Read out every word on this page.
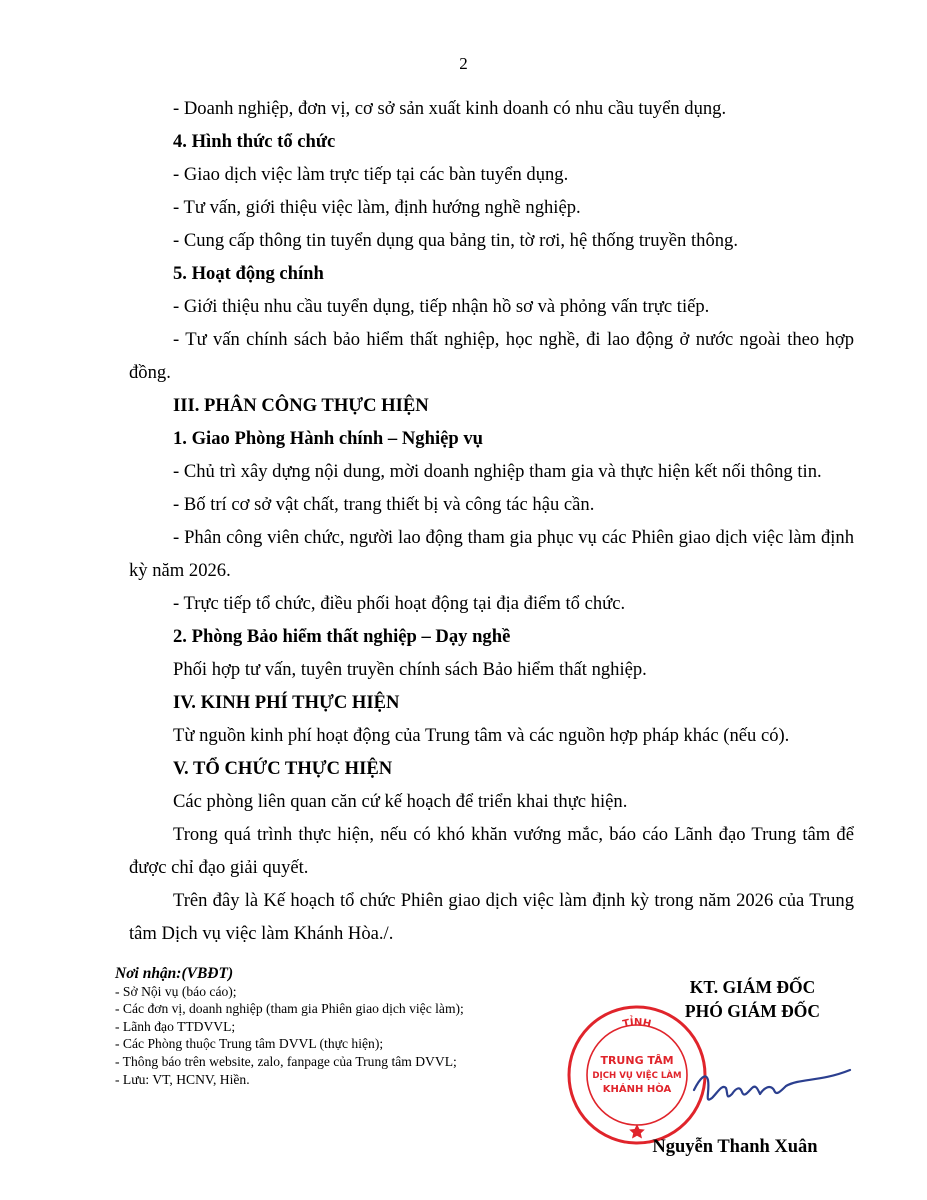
2

- Doanh nghiệp, đơn vị, cơ sở sản xuất kinh doanh có nhu cầu tuyển dụng.

4. Hình thức tổ chức

- Giao dịch việc làm trực tiếp tại các bàn tuyển dụng.

- Tư vấn, giới thiệu việc làm, định hướng nghề nghiệp.

- Cung cấp thông tin tuyển dụng qua bảng tin, tờ rơi, hệ thống truyền thông.

5. Hoạt động chính

- Giới thiệu nhu cầu tuyển dụng, tiếp nhận hồ sơ và phỏng vấn trực tiếp.

- Tư vấn chính sách bảo hiểm thất nghiệp, học nghề, đi lao động ở nước ngoài theo hợp đồng.

III. PHÂN CÔNG THỰC HIỆN

1. Giao Phòng Hành chính – Nghiệp vụ

- Chủ trì xây dựng nội dung, mời doanh nghiệp tham gia và thực hiện kết nối thông tin.

- Bố trí cơ sở vật chất, trang thiết bị và công tác hậu cần.

- Phân công viên chức, người lao động tham gia phục vụ các Phiên giao dịch việc làm định kỳ năm 2026.

- Trực tiếp tổ chức, điều phối hoạt động tại địa điểm tổ chức.

2. Phòng Bảo hiểm thất nghiệp – Dạy nghề

Phối hợp tư vấn, tuyên truyền chính sách Bảo hiểm thất nghiệp.

IV. KINH PHÍ THỰC HIỆN

Từ nguồn kinh phí hoạt động của Trung tâm và các nguồn hợp pháp khác (nếu có).

V. TỔ CHỨC THỰC HIỆN

Các phòng liên quan căn cứ kế hoạch để triển khai thực hiện.

Trong quá trình thực hiện, nếu có khó khăn vướng mắc, báo cáo Lãnh đạo Trung tâm để được chỉ đạo giải quyết.

Trên đây là Kế hoạch tổ chức Phiên giao dịch việc làm định kỳ trong năm 2026 của Trung tâm Dịch vụ việc làm Khánh Hòa./.

Nơi nhận:(VBĐT)
- Sở Nội vụ (báo cáo);
- Các đơn vị, doanh nghiệp (tham gia Phiên giao dịch việc làm);
- Lãnh đạo TTDVVL;
- Các Phòng thuộc Trung tâm DVVL (thực hiện);
- Thông báo trên website, zalo, fanpage của Trung tâm DVVL;
- Lưu: VT, HCNV, Hiền.
KT. GIÁM ĐỐC
PHÓ GIÁM ĐỐC
TỈNH
TRUNG TÂM
DỊCH VỤ VIỆC LÀM
KHÁNH HÒA
Nguyễn Thanh Xuân
